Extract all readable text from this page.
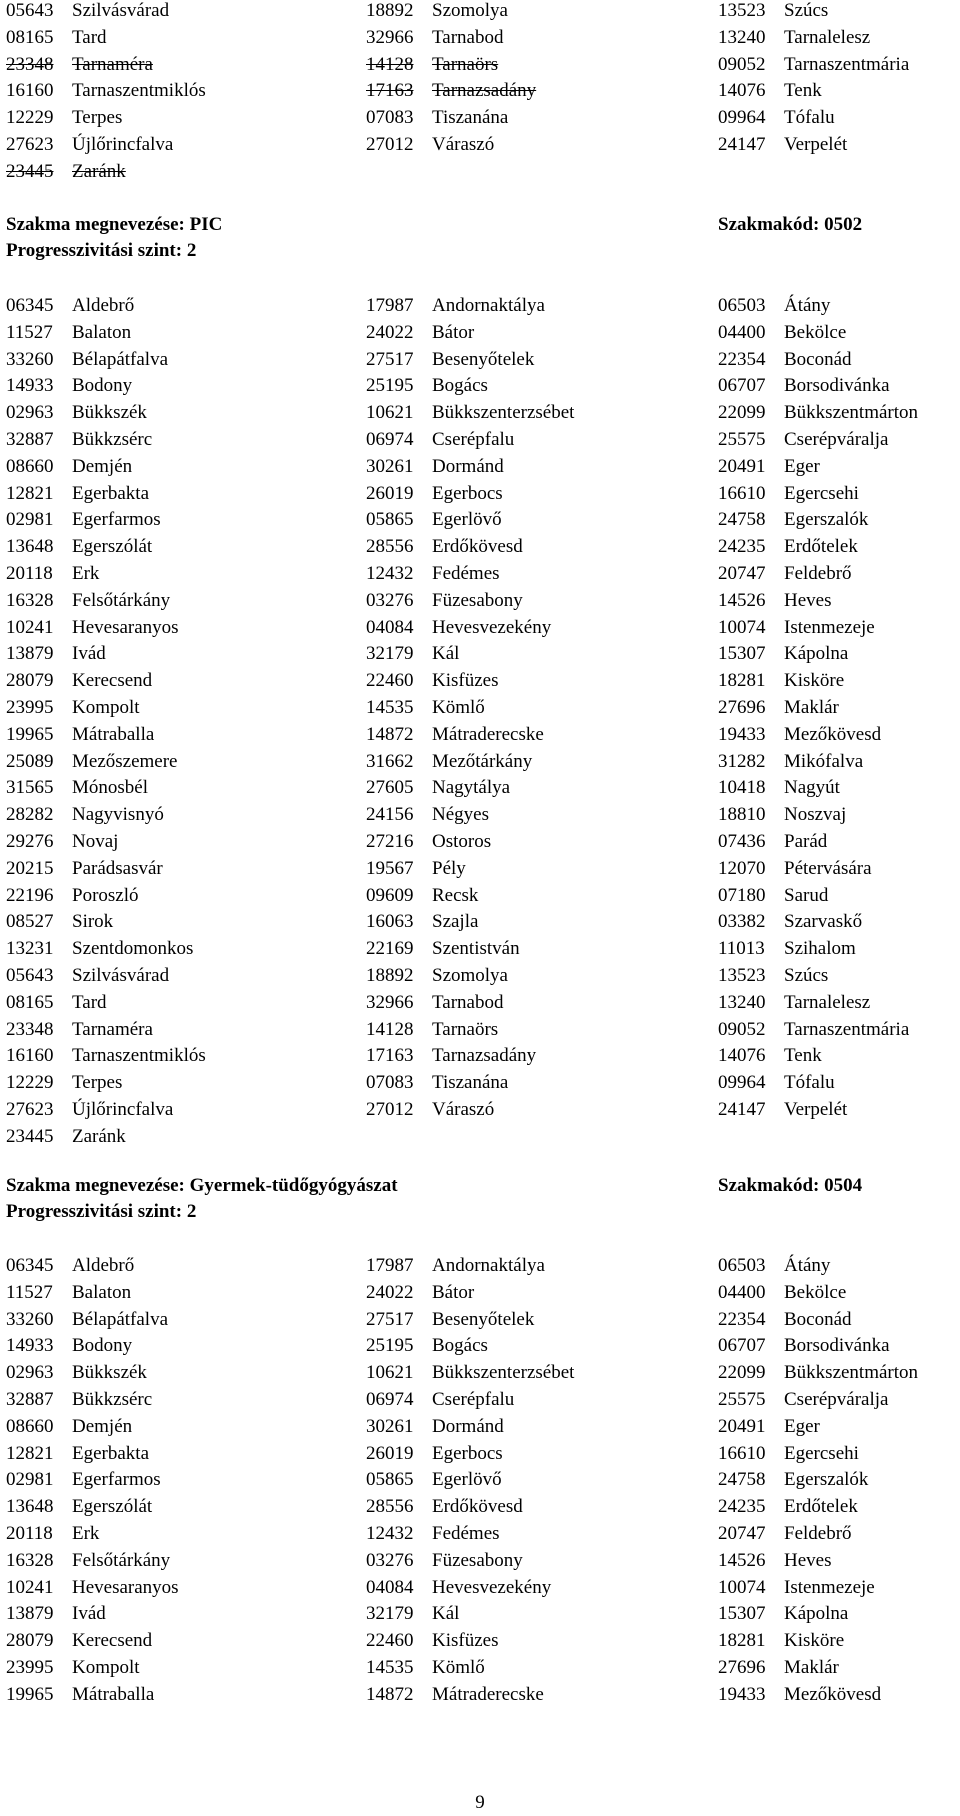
05643 Szilvásvárad	18892 Szomolya	13523 Szúcs
08165 Tard	32966 Tarnabod	13240 Tarnalelesz
23348 Tarnaméra	14128 Tarnaörs	09052 Tarnaszentmária
16160 Tarnaszentmiklós	17163 Tarnazsadány	14076 Tenk
12229 Terpes	07083 Tiszanána	09964 Tófalu
27623 Újlőrincfalva	27012 Váraszó	24147 Verpelét
23445 Zaránk
Szakma megnevezése: PIC	Szakmakód: 0502
Progresszivitási szint: 2
06345 Aldebrő	17987 Andornaktálya	06503 Átány
11527 Balaton	24022 Bátor	04400 Bekölce
33260 Bélapátfalva	27517 Besenyőtelek	22354 Boconád
14933 Bodony	25195 Bogács	06707 Borsodivánka
02963 Bükkszék	10621 Bükkszenterzsébet	22099 Bükkszentmárton
32887 Bükkzsérc	06974 Cserépfalu	25575 Cserépváralja
08660 Demjén	30261 Dormánd	20491 Eger
12821 Egerbakta	26019 Egerbocs	16610 Egercsehi
02981 Egerfarmos	05865 Egerlövő	24758 Egerszalók
13648 Egerszólát	28556 Erdőkövesd	24235 Erdőtelek
20118 Erk	12432 Fedémes	20747 Feldebrő
16328 Felsőtárkány	03276 Füzesabony	14526 Heves
10241 Hevesaranyos	04084 Hevesvezekény	10074 Istenmezeje
13879 Ivád	32179 Kál	15307 Kápolna
28079 Kerecsend	22460 Kisfüzes	18281 Kisköre
23995 Kompolt	14535 Kömlő	27696 Maklár
19965 Mátraballa	14872 Mátraderecske	19433 Mezőkövesd
25089 Mezőszemere	31662 Mezőtárkány	31282 Mikófalva
31565 Mónosbél	27605 Nagytálya	10418 Nagyút
28282 Nagyvisnyó	24156 Négyes	18810 Noszvaj
29276 Novaj	27216 Ostoros	07436 Parád
20215 Parádsasvár	19567 Pély	12070 Pétervására
22196 Poroszló	09609 Recsk	07180 Sarud
08527 Sirok	16063 Szajla	03382 Szarvaskő
13231 Szentdomonkos	22169 Szentistván	11013 Szihalom
05643 Szilvásvárad	18892 Szomolya	13523 Szúcs
08165 Tard	32966 Tarnabod	13240 Tarnalelesz
23348 Tarnaméra	14128 Tarnaörs	09052 Tarnaszentmária
16160 Tarnaszentmiklós	17163 Tarnazsadány	14076 Tenk
12229 Terpes	07083 Tiszanána	09964 Tófalu
27623 Újlőrincfalva	27012 Váraszó	24147 Verpelét
23445 Zaránk
Szakma megnevezése: Gyermek-tüdőgyógyászat	Szakmakód: 0504
Progresszivitási szint: 2
06345 Aldebrő	17987 Andornaktálya	06503 Átány
11527 Balaton	24022 Bátor	04400 Bekölce
33260 Bélapátfalva	27517 Besenyőtelek	22354 Boconád
14933 Bodony	25195 Bogács	06707 Borsodivánka
02963 Bükkszék	10621 Bükkszenterzsébet	22099 Bükkszentmárton
32887 Bükkzsérc	06974 Cserépfalu	25575 Cserépváralja
08660 Demjén	30261 Dormánd	20491 Eger
12821 Egerbakta	26019 Egerbocs	16610 Egercsehi
02981 Egerfarmos	05865 Egerlövő	24758 Egerszalók
13648 Egerszólát	28556 Erdőkövesd	24235 Erdőtelek
20118 Erk	12432 Fedémes	20747 Feldebrő
16328 Felsőtárkány	03276 Füzesabony	14526 Heves
10241 Hevesaranyos	04084 Hevesvezekény	10074 Istenmezeje
13879 Ivád	32179 Kál	15307 Kápolna
28079 Kerecsend	22460 Kisfüzes	18281 Kisköre
23995 Kompolt	14535 Kömlő	27696 Maklár
19965 Mátraballa	14872 Mátraderecske	19433 Mezőkövesd
9
